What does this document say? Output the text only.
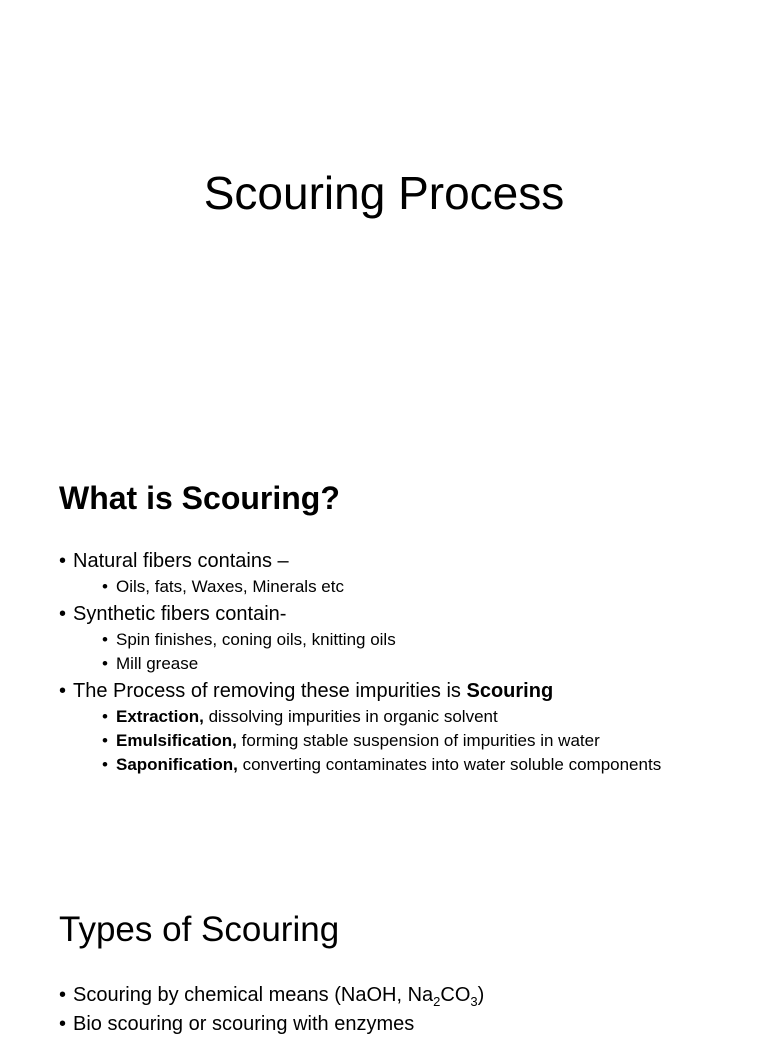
Scouring Process
What is Scouring?
• Natural fibers contains –
• Oils, fats, Waxes, Minerals etc
• Synthetic fibers contain-
• Spin finishes, coning oils, knitting oils
• Mill grease
• The Process of removing these impurities is Scouring
• Extraction, dissolving impurities in organic solvent
• Emulsification, forming stable suspension of impurities in water
• Saponification, converting contaminates into water soluble components
Types of Scouring
• Scouring by chemical means (NaOH, $Na_2CO_3$)
• Bio scouring or scouring with enzymes
